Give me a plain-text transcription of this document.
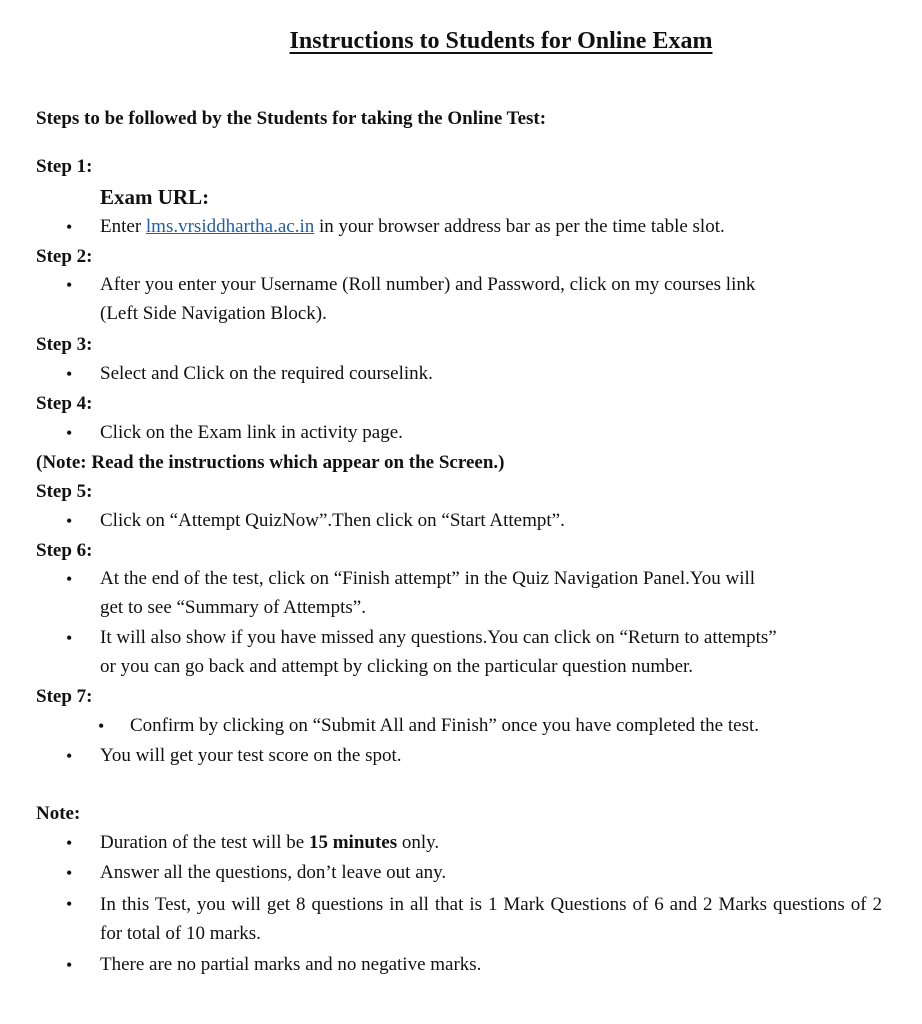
Instructions to Students for Online Exam
Steps to be followed by the Students for taking the Online Test:
Step 1:
Exam URL:
• Enter lms.vrsiddhartha.ac.in in your browser address bar as per the time table slot.
Step 2:
• After you enter your Username (Roll number) and Password, click on my courses link
(Left Side Navigation Block).
Step 3:
• Select and Click on the required courselink.
Step 4:
• Click on the Exam link in activity page.
(Note: Read the instructions which appear on the Screen.)
Step 5:
• Click on “Attempt QuizNow”.Then click on “Start Attempt”.
Step 6:
• At the end of the test, click on “Finish attempt” in the Quiz Navigation Panel.You will
get to see “Summary of Attempts”.
• It will also show if you have missed any questions.You can click on “Return to attempts”
or you can go back and attempt by clicking on the particular question number.
Step 7:
• Confirm by clicking on “Submit All and Finish” once you have completed the test.
• You will get your test score on the spot.
Note:
• Duration of the test will be 15 minutes only.
• Answer all the questions, don’t leave out any.
• In this Test, you will get 8 questions in all that is 1 Mark Questions of 6 and 2 Marks questions of 2 for total of 10 marks.
• There are no partial marks and no negative marks.
